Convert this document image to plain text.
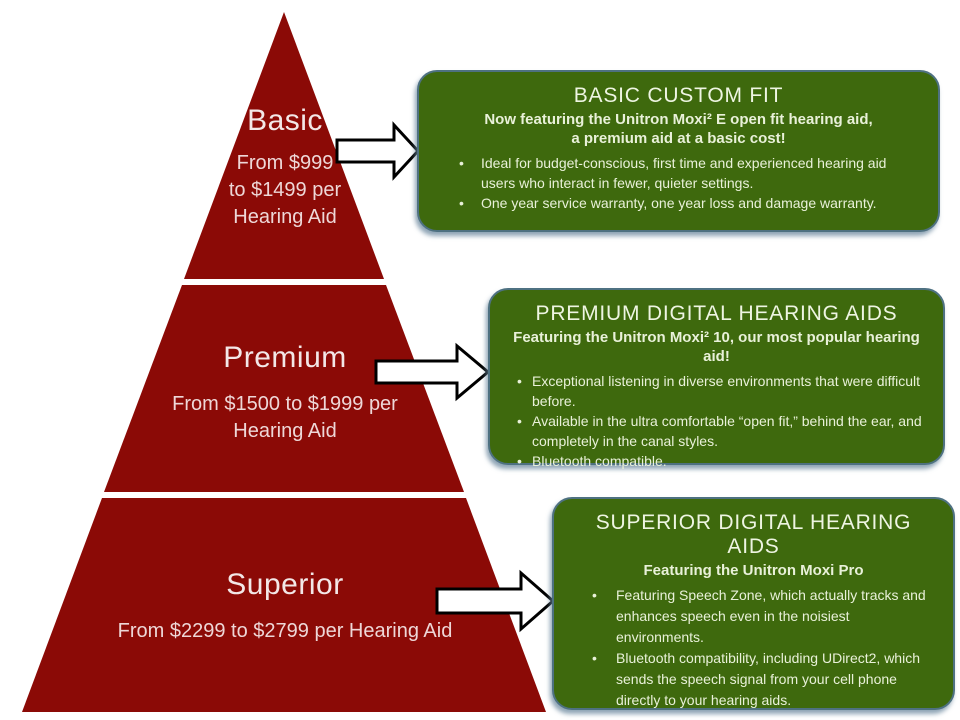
Basic
From $999
to $1499 per
Hearing Aid
Premium
From $1500 to $1999 per
Hearing Aid
Superior
From $2299 to $2799 per Hearing Aid
BASIC CUSTOM FIT
Now featuring the Unitron Moxi² E open fit hearing aid,
a premium aid at a basic cost!
• Ideal for budget-conscious, first time and experienced hearing aid users who interact in fewer, quieter settings.
• One year service warranty, one year loss and damage warranty.
PREMIUM DIGITAL HEARING AIDS
Featuring the Unitron Moxi² 10, our most popular hearing aid!
• Exceptional listening in diverse environments that were difficult before.
• Available in the ultra comfortable “open fit,” behind the ear, and completely in the canal styles.
• Bluetooth compatible.
SUPERIOR DIGITAL HEARING AIDS
Featuring the Unitron Moxi Pro
• Featuring Speech Zone, which actually tracks and enhances speech even in the noisiest environments.
• Bluetooth compatibility, including UDirect2, which sends the speech signal from your cell phone directly to your hearing aids.
